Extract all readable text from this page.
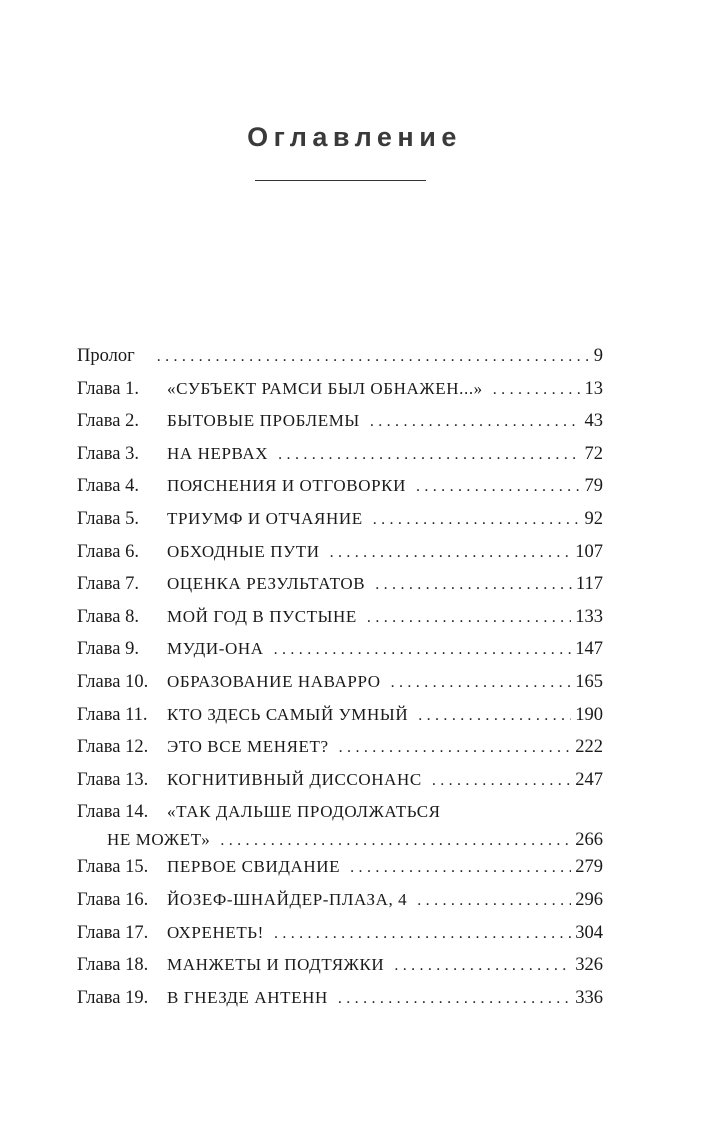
Оглавление
Пролог . . .	9
Глава 1.	«СУБЪЕКТ РАМСИ БЫЛ ОБНАЖЕН...» . . .	13
Глава 2.	БЫТОВЫЕ ПРОБЛЕМЫ . . .	43
Глава 3.	НА НЕРВАХ . . .	72
Глава 4.	ПОЯСНЕНИЯ И ОТГОВОРКИ . . .	79
Глава 5.	ТРИУМФ И ОТЧАЯНИЕ . . .	92
Глава 6.	ОБХОДНЫЕ ПУТИ . . .	107
Глава 7.	ОЦЕНКА РЕЗУЛЬТАТОВ . . .	117
Глава 8.	МОЙ ГОД В ПУСТЫНЕ . . .	133
Глава 9.	МУДИ-ОНА . . .	147
Глава 10.	ОБРАЗОВАНИЕ НАВАРРО . . .	165
Глава 11.	КТО ЗДЕСЬ САМЫЙ УМНЫЙ . . .	190
Глава 12.	ЭТО ВСЕ МЕНЯЕТ? . . .	222
Глава 13.	КОГНИТИВНЫЙ ДИССОНАНС . . .	247
Глава 14. «ТАК ДАЛЬШЕ ПРОДОЛЖАТЬСЯ
НЕ МОЖЕТ» . . .	266
Глава 15.	ПЕРВОЕ СВИДАНИЕ . . .	279
Глава 16.	ЙОЗЕФ-ШНАЙДЕР-ПЛАЗА, 4 . . .	296
Глава 17.	ОХРЕНЕТЬ! . . .	304
Глава 18.	МАНЖЕТЫ И ПОДТЯЖКИ . . .	326
Глава 19.	В ГНЕЗДЕ АНТЕНН . . .	336
